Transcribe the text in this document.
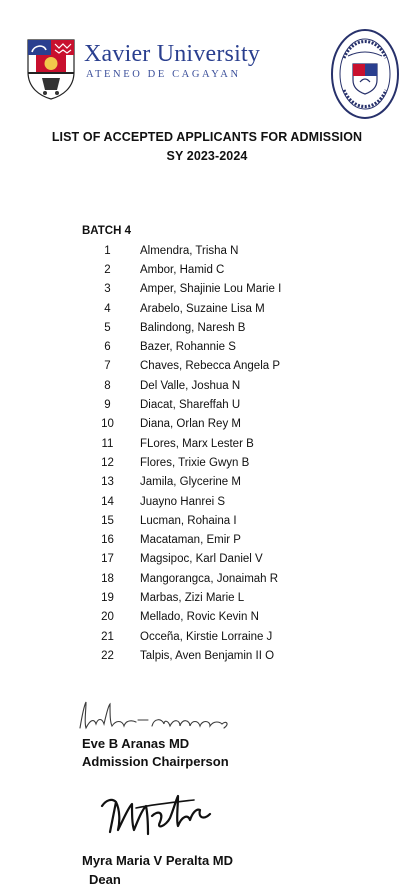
Xavier University
ATENEO DE CAGAYAN
LIST OF ACCEPTED APPLICANTS FOR ADMISSION
SY 2023-2024
BATCH 4
1	Almendra, Trisha N
2	Ambor, Hamid C
3	Amper, Shajinie Lou Marie I
4	Arabelo, Suzaine Lisa M
5	Balindong, Naresh B
6	Bazer, Rohannie S
7	Chaves, Rebecca Angela P
8	Del Valle, Joshua N
9	Diacat, Shareffah U
10	Diana, Orlan Rey M
11	FLores, Marx Lester B
12	Flores, Trixie Gwyn B
13	Jamila, Glycerine M
14	Juayno Hanrei S
15	Lucman, Rohaina I
16	Macataman, Emir P
17	Magsipoc, Karl Daniel V
18	Mangorangca, Jonaimah R
19	Marbas, Zizi Marie L
20	Mellado, Rovic Kevin N
21	Occeña, Kirstie Lorraine J
22	Talpis, Aven Benjamin II O
Eve B Aranas MD
Admission Chairperson
Myra Maria V Peralta MD
Dean
